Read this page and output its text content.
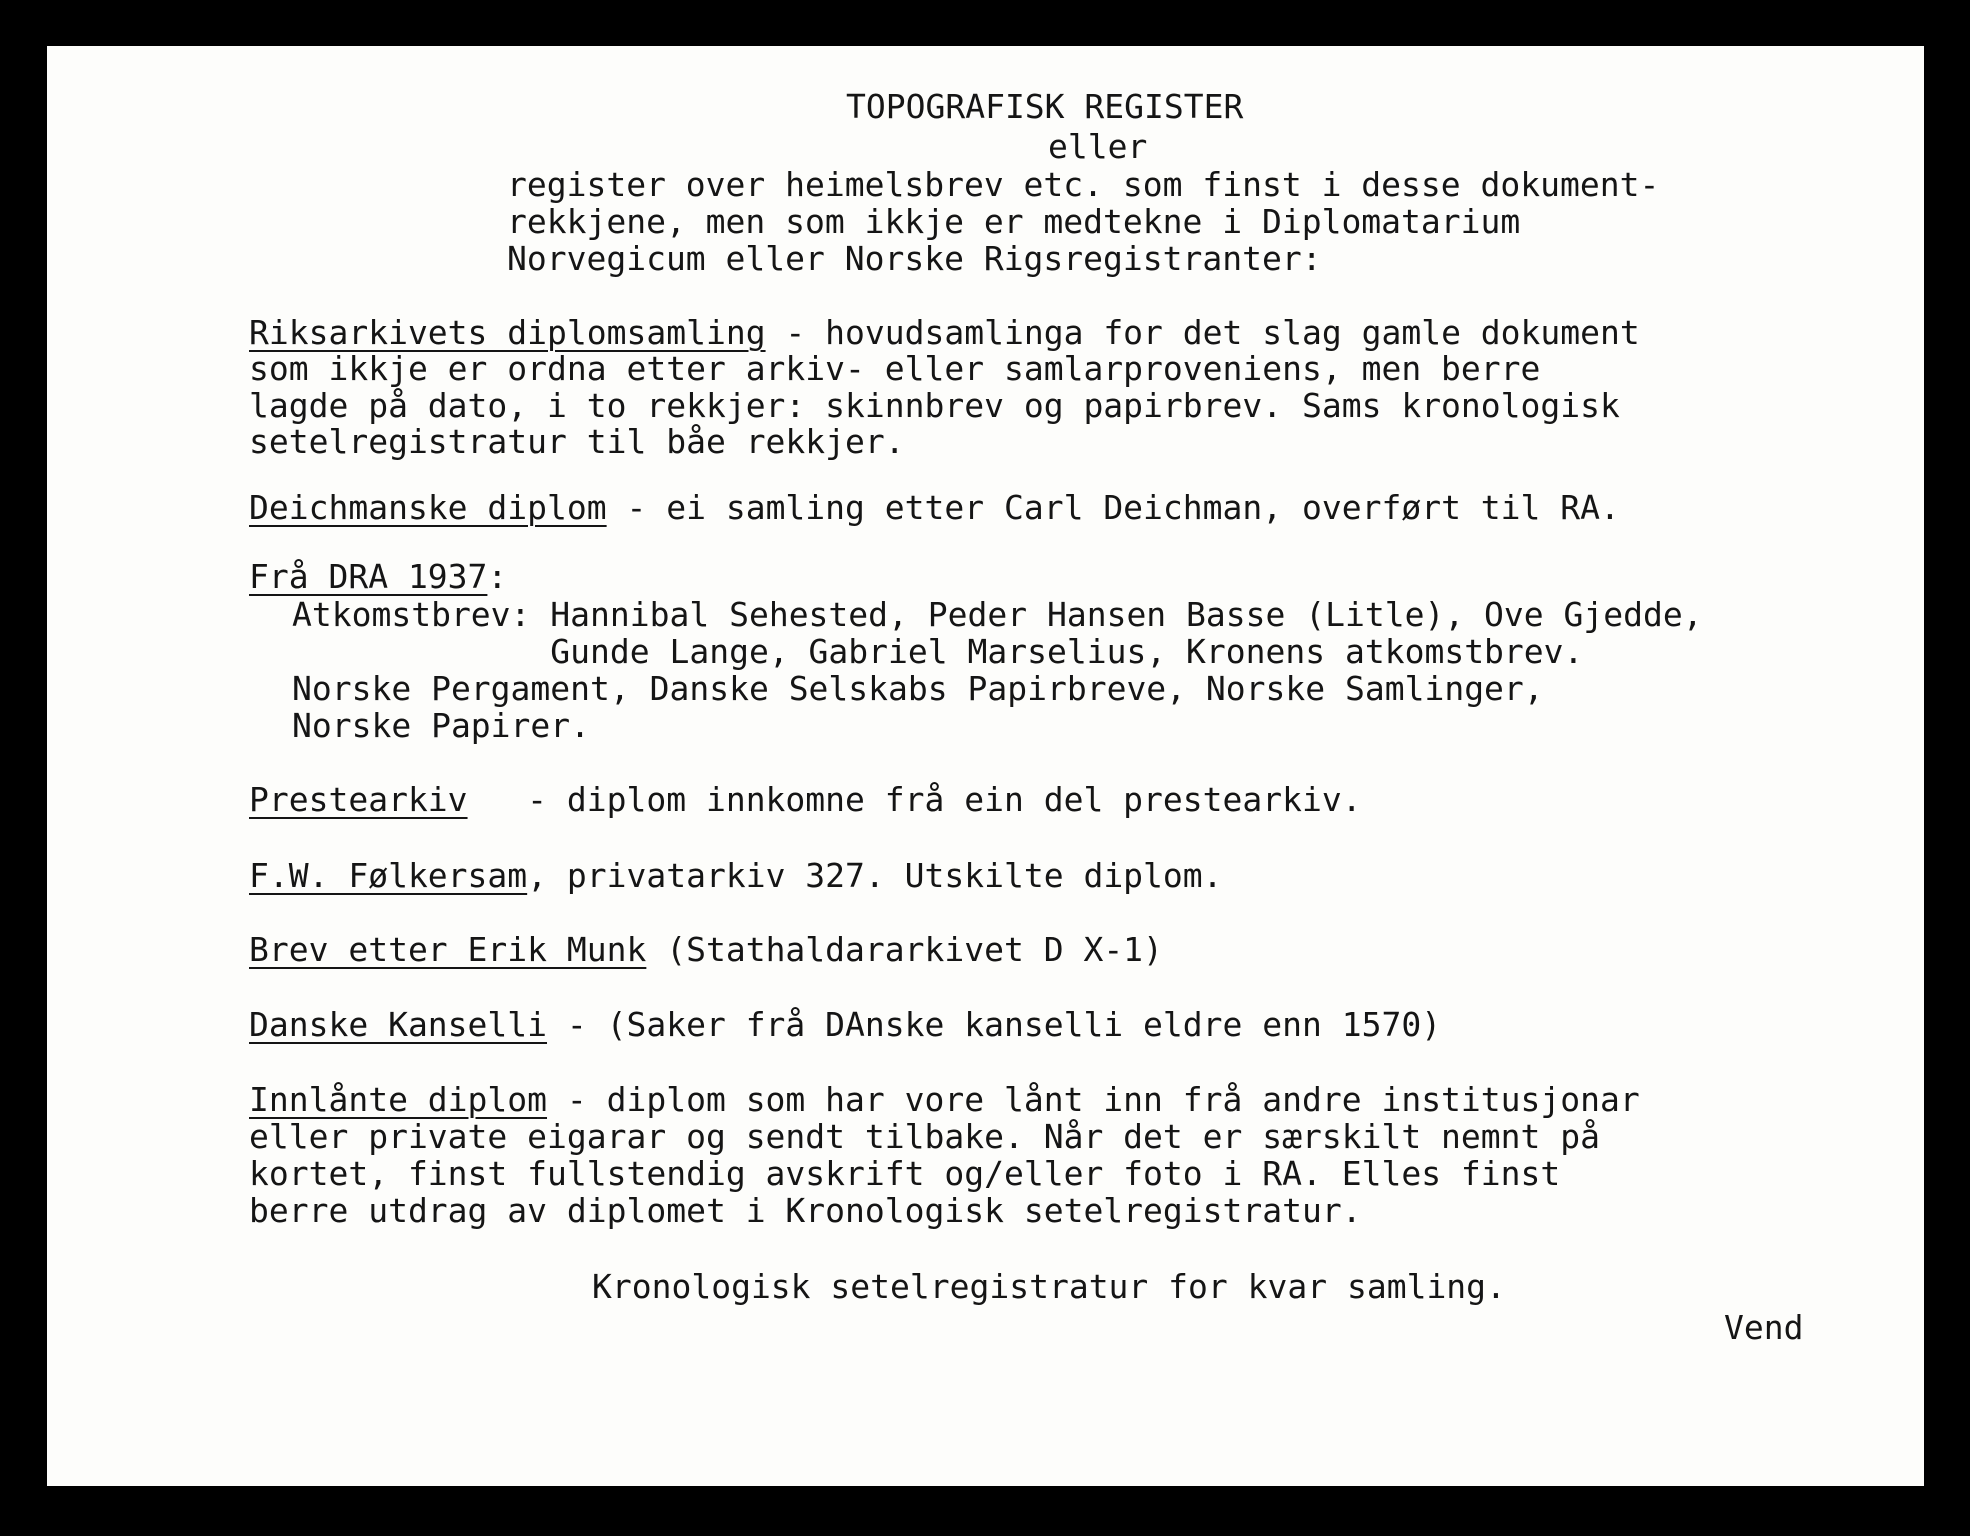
TOPOGRAFISK REGISTER
eller
register over heimelsbrev etc. som finst i desse dokument-
rekkjene, men som ikkje er medtekne i Diplomatarium
Norvegicum eller Norske Rigsregistranter:
Riksarkivets diplomsamling - hovudsamlinga for det slag gamle dokument
som ikkje er ordna etter arkiv- eller samlarproveniens, men berre
lagde på dato, i to rekkjer: skinnbrev og papirbrev. Sams kronologisk
setelregistratur til båe rekkjer.
Deichmanske diplom - ei samling etter Carl Deichman, overført til RA.
Frå DRA 1937:
Atkomstbrev: Hannibal Sehested, Peder Hansen Basse (Litle), Ove Gjedde,
Gunde Lange, Gabriel Marselius, Kronens atkomstbrev.
Norske Pergament, Danske Selskabs Papirbreve, Norske Samlinger,
Norske Papirer.
Prestearkiv   - diplom innkomne frå ein del prestearkiv.
F.W. Følkersam, privatarkiv 327. Utskilte diplom.
Brev etter Erik Munk (Stathaldararkivet D X-1)
Danske Kanselli - (Saker frå DAnske kanselli eldre enn 1570)
Innlånte diplom - diplom som har vore lånt inn frå andre institusjonar
eller private eigarar og sendt tilbake. Når det er særskilt nemnt på
kortet, finst fullstendig avskrift og/eller foto i RA. Elles finst
berre utdrag av diplomet i Kronologisk setelregistratur.
Kronologisk setelregistratur for kvar samling.
Vend
